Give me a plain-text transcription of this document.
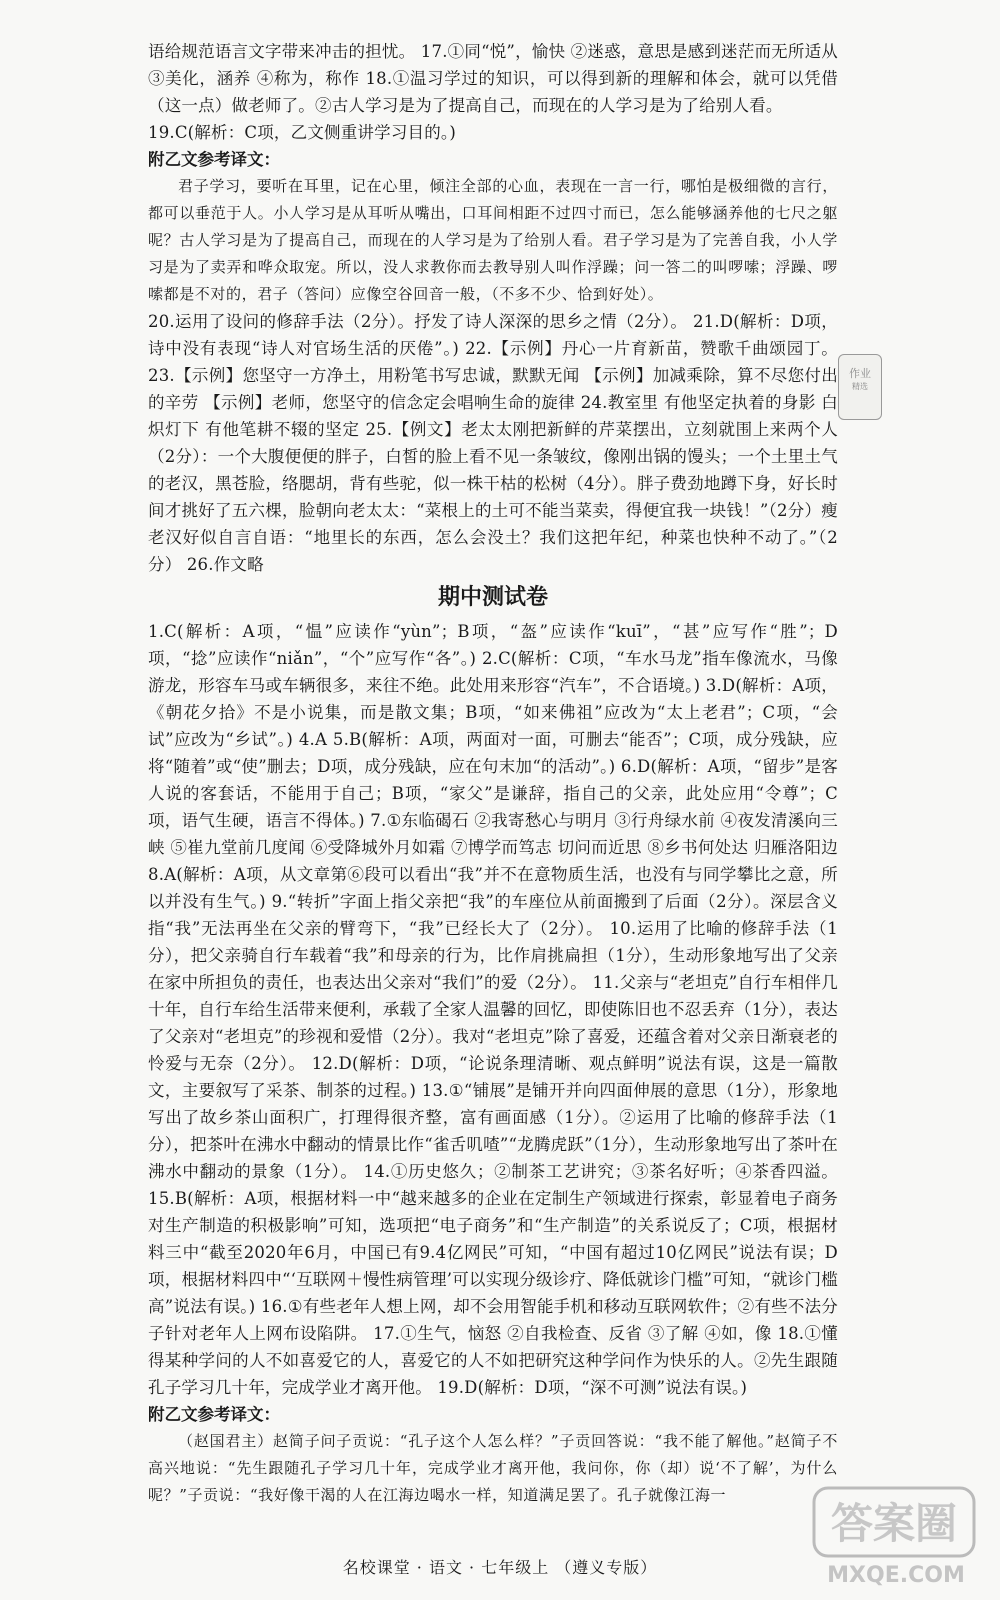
语给规范语言文字带来冲击的担忧。 17.①同“悦”，愉快 ②迷惑，意思是感到迷茫而无所适从 ③美化，涵养 ④称为，称作 18.①温习学过的知识，可以得到新的理解和体会，就可以凭借（这一点）做老师了。②古人学习是为了提高自己，而现在的人学习是为了给别人看。

19.C(解析：C项，乙文侧重讲学习目的。)

附乙文参考译文：

君子学习，要听在耳里，记在心里，倾注全部的心血，表现在一言一行，哪怕是极细微的言行，都可以垂范于人。小人学习是从耳听从嘴出，口耳间相距不过四寸而已，怎么能够涵养他的七尺之躯呢？古人学习是为了提高自己，而现在的人学习是为了给别人看。君子学习是为了完善自我，小人学习是为了卖弄和哗众取宠。所以，没人求教你而去教导别人叫作浮躁；问一答二的叫啰嗦；浮躁、啰嗦都是不对的，君子（答问）应像空谷回音一般，（不多不少、恰到好处）。

20.运用了设问的修辞手法（2分）。抒发了诗人深深的思乡之情（2分）。 21.D(解析：D项，诗中没有表现“诗人对官场生活的厌倦”。) 22.【示例】丹心一片育新苗，赞歌千曲颂园丁。 23.【示例】您坚守一方净土，用粉笔书写忠诚，默默无闻 【示例】加减乘除，算不尽您付出的辛劳 【示例】老师，您坚守的信念定会唱响生命的旋律 24.教室里 有他坚定执着的身影 白炽灯下 有他笔耕不辍的坚定 25.【例文】老太太刚把新鲜的芹菜摆出，立刻就围上来两个人（2分）：一个大腹便便的胖子，白皙的脸上看不见一条皱纹，像刚出锅的馒头；一个土里土气的老汉，黑苍脸，络腮胡，背有些驼，似一株干枯的松树（4分）。胖子费劲地蹲下身，好长时间才挑好了五六棵，脸朝向老太太：“菜根上的土可不能当菜卖，得便宜我一块钱！”（2分）瘦老汉好似自言自语：“地里长的东西，怎么会没土？我们这把年纪，种菜也快种不动了。”（2分） 26.作文略

期中测试卷

1.C(解析：A项，“愠”应读作“yùn”；B项，“盔”应读作“kuī”，“甚”应写作“胜”；D项，“捻”应读作“niǎn”，“个”应写作“各”。) 2.C(解析：C项，“车水马龙”指车像流水，马像游龙，形容车马或车辆很多，来往不绝。此处用来形容“汽车”，不合语境。) 3.D(解析：A项，《朝花夕拾》不是小说集，而是散文集；B项，“如来佛祖”应改为“太上老君”；C项，“会试”应改为“乡试”。) 4.A 5.B(解析：A项，两面对一面，可删去“能否”；C项，成分残缺，应将“随着”或“使”删去；D项，成分残缺，应在句末加“的活动”。) 6.D(解析：A项，“留步”是客人说的客套话，不能用于自己；B项，“家父”是谦辞，指自己的父亲，此处应用“令尊”；C项，语气生硬，语言不得体。) 7.①东临碣石 ②我寄愁心与明月 ③行舟绿水前 ④夜发清溪向三峡 ⑤崔九堂前几度闻 ⑥受降城外月如霜 ⑦博学而笃志 切问而近思 ⑧乡书何处达 归雁洛阳边 8.A(解析：A项，从文章第⑥段可以看出“我”并不在意物质生活，也没有与同学攀比之意，所以并没有生气。) 9.“转折”字面上指父亲把“我”的车座位从前面搬到了后面（2分）。深层含义指“我”无法再坐在父亲的臂弯下，“我”已经长大了（2分）。 10.运用了比喻的修辞手法（1分），把父亲骑自行车载着“我”和母亲的行为，比作肩挑扁担（1分），生动形象地写出了父亲在家中所担负的责任，也表达出父亲对“我们”的爱（2分）。 11.父亲与“老坦克”自行车相伴几十年，自行车给生活带来便利，承载了全家人温馨的回忆，即使陈旧也不忍丢弃（1分），表达了父亲对“老坦克”的珍视和爱惜（2分）。我对“老坦克”除了喜爱，还蕴含着对父亲日渐衰老的怜爱与无奈（2分）。 12.D(解析：D项，“论说条理清晰、观点鲜明”说法有误，这是一篇散文，主要叙写了采茶、制茶的过程。) 13.①“铺展”是铺开并向四面伸展的意思（1分），形象地写出了故乡茶山面积广，打理得很齐整，富有画面感（1分）。②运用了比喻的修辞手法（1分），把茶叶在沸水中翻动的情景比作“雀舌叽喳”“龙腾虎跃”（1分），生动形象地写出了茶叶在沸水中翻动的景象（1分）。 14.①历史悠久；②制茶工艺讲究；③茶名好听；④茶香四溢。 15.B(解析：A项，根据材料一中“越来越多的企业在定制生产领域进行探索，彰显着电子商务对生产制造的积极影响”可知，选项把“电子商务”和“生产制造”的关系说反了；C项，根据材料三中“截至2020年6月，中国已有9.4亿网民”可知，“中国有超过10亿网民”说法有误；D项，根据材料四中“‘互联网＋慢性病管理’可以实现分级诊疗、降低就诊门槛”可知，“就诊门槛高”说法有误。) 16.①有些老年人想上网，却不会用智能手机和移动互联网软件；②有些不法分子针对老年人上网布设陷阱。 17.①生气，恼怒 ②自我检查、反省 ③了解 ④如，像 18.①懂得某种学问的人不如喜爱它的人，喜爱它的人不如把研究这种学问作为快乐的人。②先生跟随孔子学习几十年，完成学业才离开他。 19.D(解析：D项，“深不可测”说法有误。)

附乙文参考译文：

（赵国君主）赵简子问子贡说：“孔子这个人怎么样？”子贡回答说：“我不能了解他。”赵简子不高兴地说：“先生跟随孔子学习几十年，完成学业才离开他，我问你，你（却）说‘不了解’，为什么呢？”子贡说：“我好像干渴的人在江海边喝水一样，知道满足罢了。孔子就像江海一

作业
精选
名校课堂 · 语文 · 七年级上 （遵义专版）
答案圈
MXQE.COM
